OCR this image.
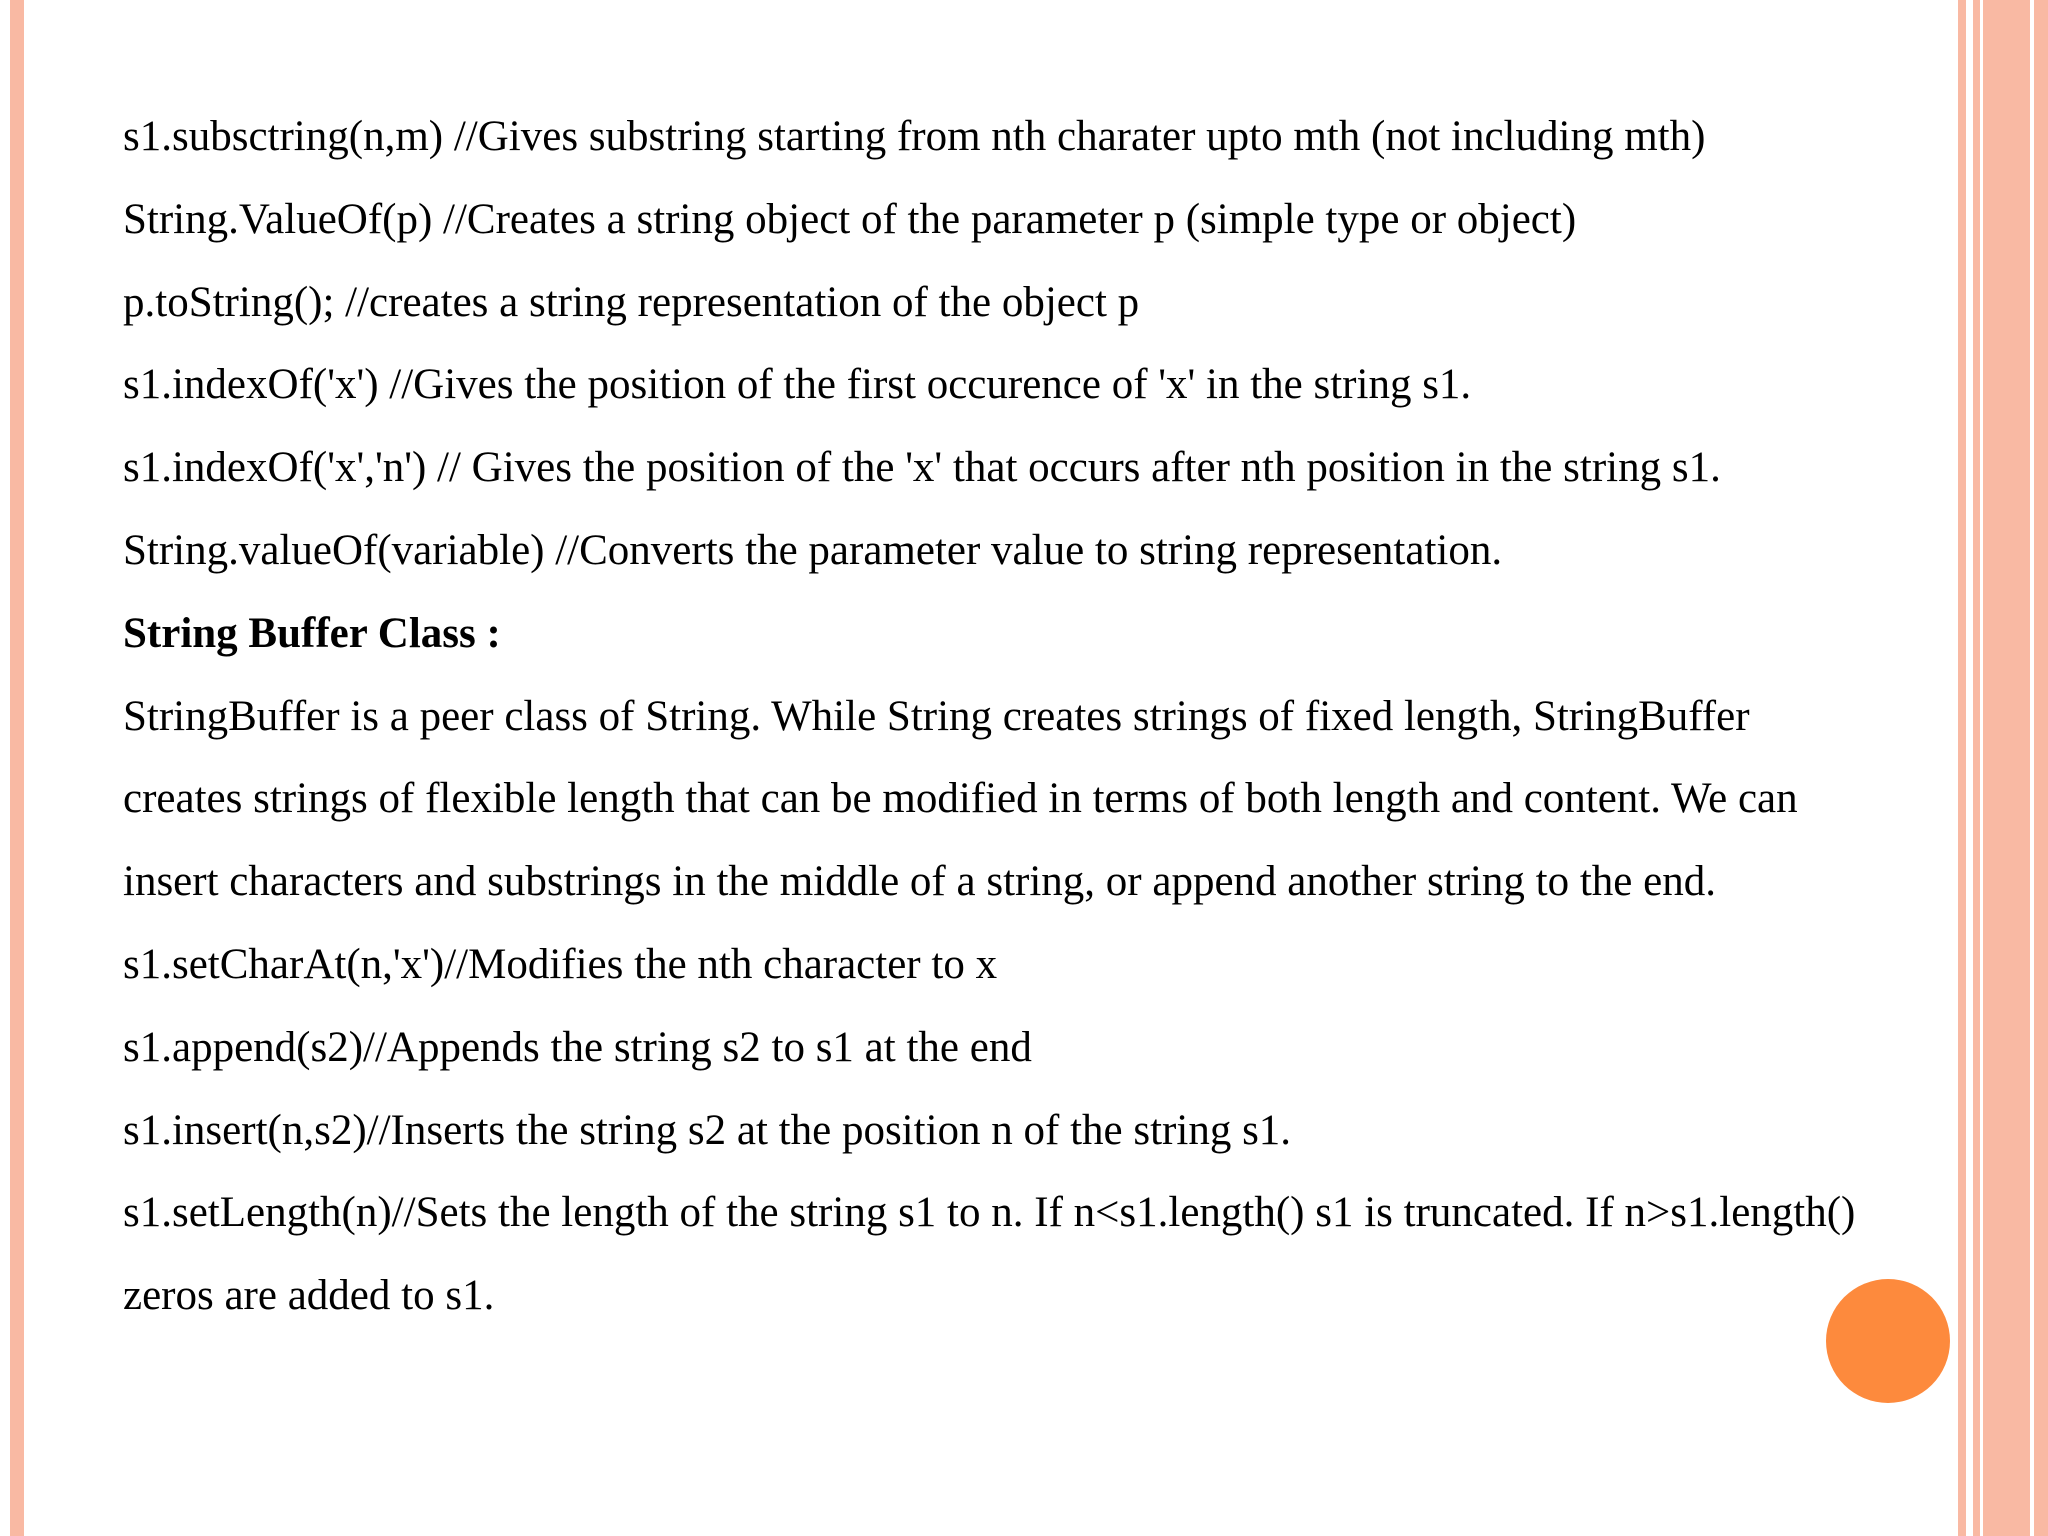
s1.subsctring(n,m) //Gives substring starting from nth charater upto mth (not including mth)

String.ValueOf(p) //Creates a string object of the parameter p (simple type or object)

p.toString(); //creates a string representation of the object p

s1.indexOf('x') //Gives the position of the first occurence of 'x' in the string s1.

s1.indexOf('x','n') // Gives the position of the 'x' that occurs after nth position in the string s1.

String.valueOf(variable) //Converts the parameter value to string representation.

String Buffer Class :

StringBuffer is a peer class of String. While String creates strings of fixed length, StringBuffer

creates strings of flexible length that can be modified in terms of both length and content. We can

insert characters and substrings in the middle of a string, or append another string to the end.

s1.setCharAt(n,'x')//Modifies the nth character to x

s1.append(s2)//Appends the string s2 to s1 at the end

s1.insert(n,s2)//Inserts the string s2 at the position n of the string s1.

s1.setLength(n)//Sets the length of the string s1 to n. If n<s1.length() s1 is truncated. If n>s1.length()

zeros are added to s1.
